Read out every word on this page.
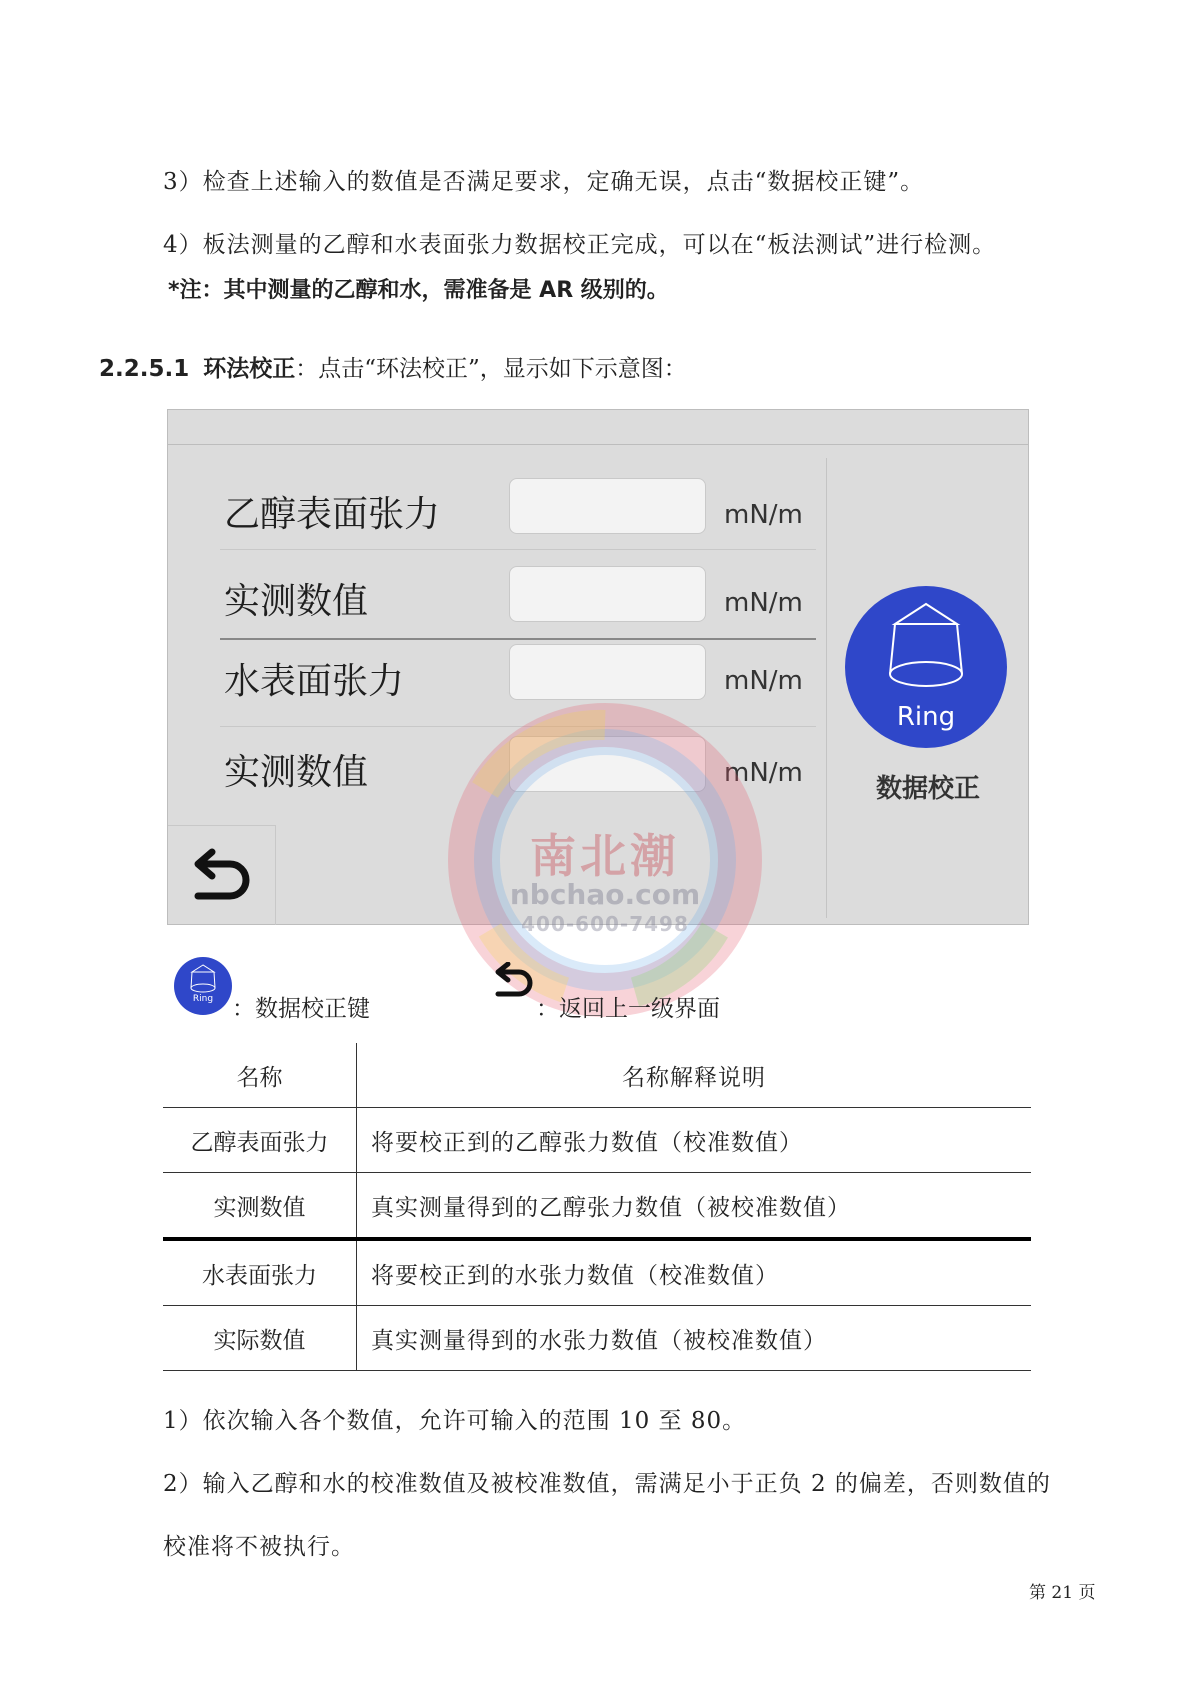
3）检查上述输入的数值是否满足要求，定确无误，点击“数据校正键”。
4）板法测量的乙醇和水表面张力数据校正完成，可以在“板法测试”进行检测。
*注：其中测量的乙醇和水，需准备是 AR 级别的。
2.2.5.1 环法校正：点击“环法校正”，显示如下示意图：
乙醇表面张力	mN/m
实测数值	mN/m
水表面张力	mN/m
实测数值	mN/m
Ring
数据校正
南北潮
nbchao.com
400-600-7498
Ring ：数据校正键	：返回上一级界面
名称	名称解释说明
乙醇表面张力	将要校正到的乙醇张力数值（校准数值）
实测数值	真实测量得到的乙醇张力数值（被校准数值）
水表面张力	将要校正到的水张力数值（校准数值）
实际数值	真实测量得到的水张力数值（被校准数值）
1）依次输入各个数值，允许可输入的范围 10 至 80。
2）输入乙醇和水的校准数值及被校准数值，需满足小于正负 2 的偏差，否则数值的
校准将不被执行。
第 21 页
